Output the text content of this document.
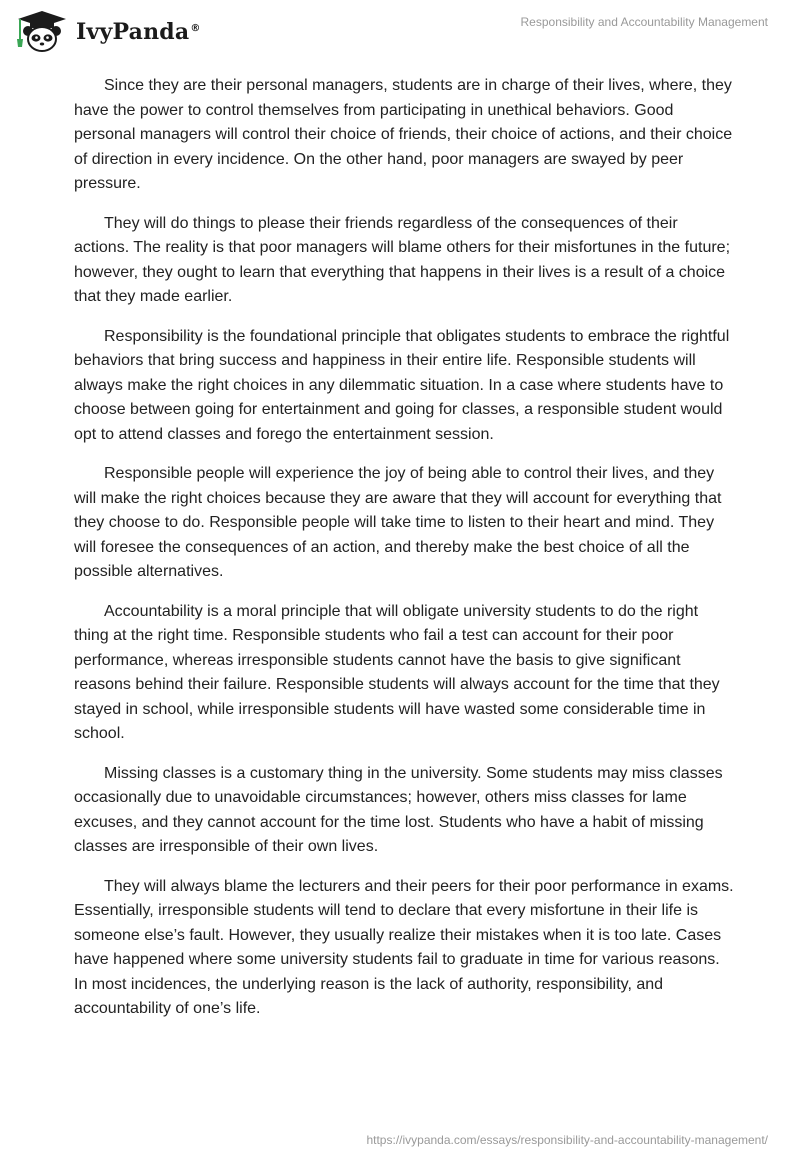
IvyPanda®	Responsibility and Accountability Management

Since they are their personal managers, students are in charge of their lives, where, they have the power to control themselves from participating in unethical behaviors. Good personal managers will control their choice of friends, their choice of actions, and their choice of direction in every incidence. On the other hand, poor managers are swayed by peer pressure.

They will do things to please their friends regardless of the consequences of their actions. The reality is that poor managers will blame others for their misfortunes in the future; however, they ought to learn that everything that happens in their lives is a result of a choice that they made earlier.

Responsibility is the foundational principle that obligates students to embrace the rightful behaviors that bring success and happiness in their entire life. Responsible students will always make the right choices in any dilemmatic situation. In a case where students have to choose between going for entertainment and going for classes, a responsible student would opt to attend classes and forego the entertainment session.

Responsible people will experience the joy of being able to control their lives, and they will make the right choices because they are aware that they will account for everything that they choose to do. Responsible people will take time to listen to their heart and mind. They will foresee the consequences of an action, and thereby make the best choice of all the possible alternatives.

Accountability is a moral principle that will obligate university students to do the right thing at the right time. Responsible students who fail a test can account for their poor performance, whereas irresponsible students cannot have the basis to give significant reasons behind their failure. Responsible students will always account for the time that they stayed in school, while irresponsible students will have wasted some considerable time in school.

Missing classes is a customary thing in the university. Some students may miss classes occasionally due to unavoidable circumstances; however, others miss classes for lame excuses, and they cannot account for the time lost. Students who have a habit of missing classes are irresponsible of their own lives.

They will always blame the lecturers and their peers for their poor performance in exams. Essentially, irresponsible students will tend to declare that every misfortune in their life is someone else’s fault. However, they usually realize their mistakes when it is too late. Cases have happened where some university students fail to graduate in time for various reasons. In most incidences, the underlying reason is the lack of authority, responsibility, and accountability of one’s life.

https://ivypanda.com/essays/responsibility-and-accountability-management/
